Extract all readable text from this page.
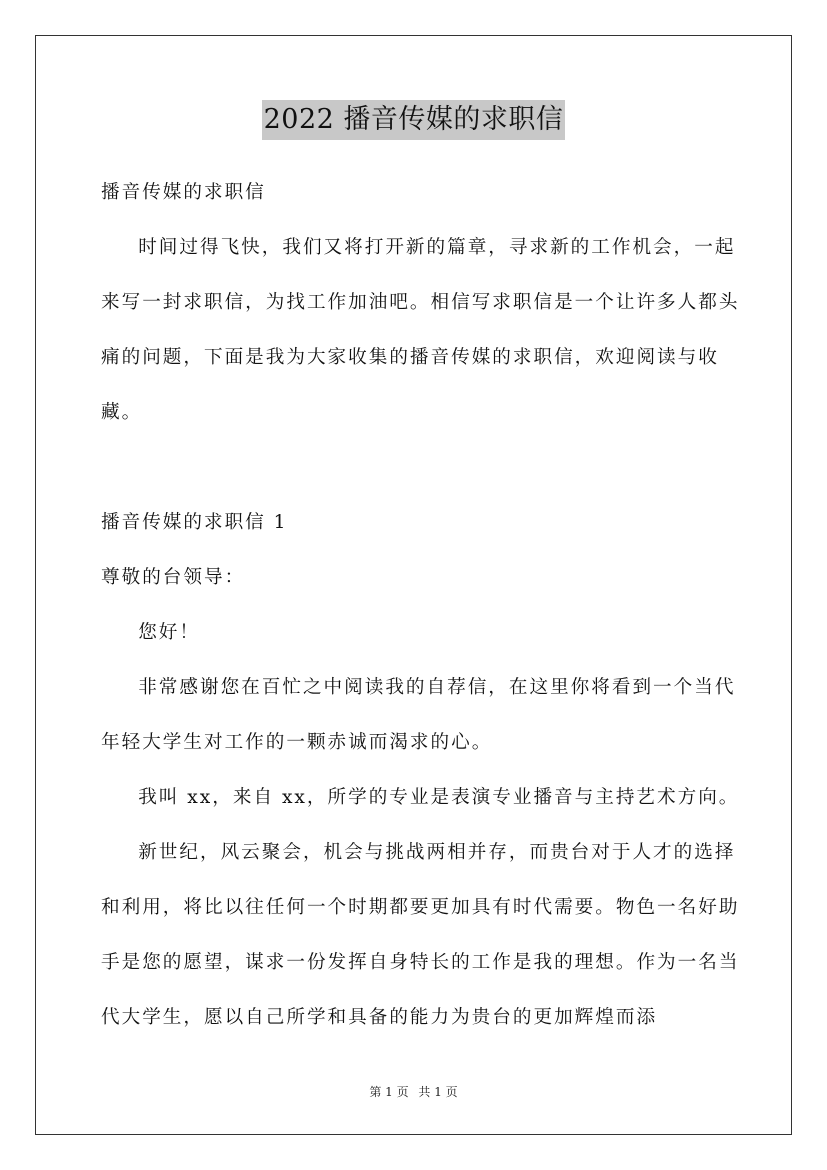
2022 播音传媒的求职信

播音传媒的求职信

时间过得飞快，我们又将打开新的篇章，寻求新的工作机会，一起来写一封求职信，为找工作加油吧。相信写求职信是一个让许多人都头痛的问题，下面是我为大家收集的播音传媒的求职信，欢迎阅读与收藏。

播音传媒的求职信 1

尊敬的台领导：

您好！

非常感谢您在百忙之中阅读我的自荐信，在这里你将看到一个当代年轻大学生对工作的一颗赤诚而渴求的心。

我叫 xx，来自 xx，所学的专业是表演专业播音与主持艺术方向。

新世纪，风云聚会，机会与挑战两相并存，而贵台对于人才的选择和利用，将比以往任何一个时期都要更加具有时代需要。物色一名好助手是您的愿望，谋求一份发挥自身特长的工作是我的理想。作为一名当代大学生，愿以自己所学和具备的能力为贵台的更加辉煌而添

第 1 页 共 1 页
